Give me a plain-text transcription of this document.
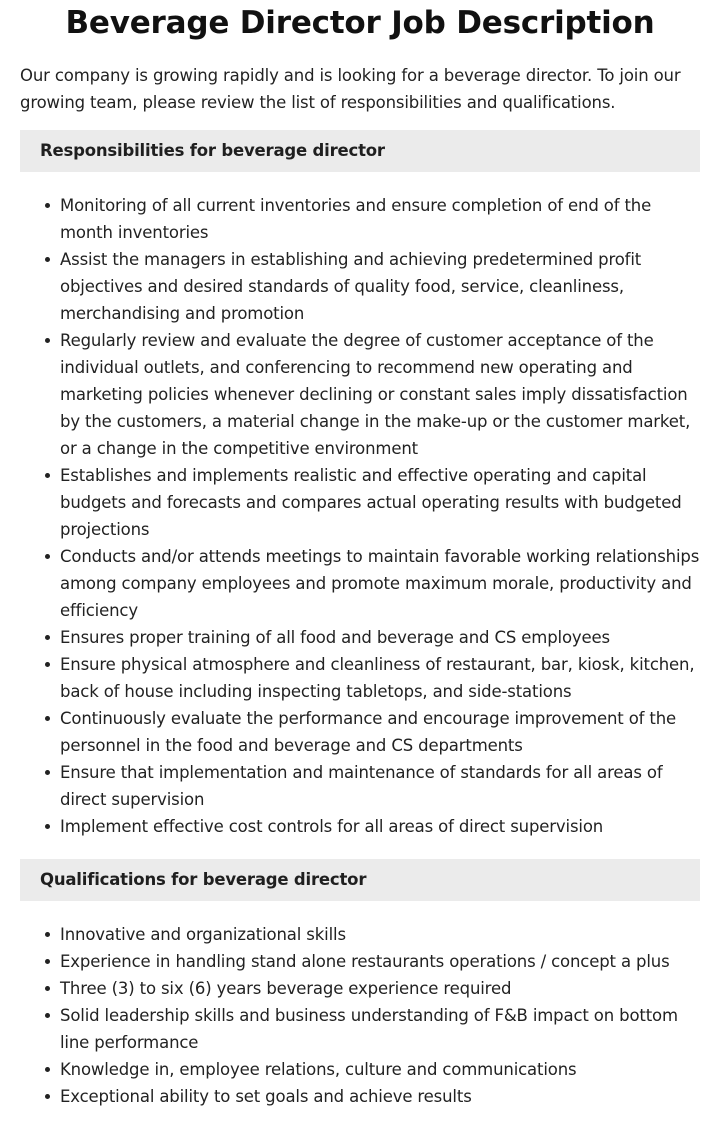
Beverage Director Job Description

Our company is growing rapidly and is looking for a beverage director. To join our growing team, please review the list of responsibilities and qualifications.

Responsibilities for beverage director
Monitoring of all current inventories and ensure completion of end of the month inventories
Assist the managers in establishing and achieving predetermined profit objectives and desired standards of quality food, service, cleanliness, merchandising and promotion
Regularly review and evaluate the degree of customer acceptance of the individual outlets, and conferencing to recommend new operating and marketing policies whenever declining or constant sales imply dissatisfaction by the customers, a material change in the make-up or the customer market, or a change in the competitive environment
Establishes and implements realistic and effective operating and capital budgets and forecasts and compares actual operating results with budgeted projections
Conducts and/or attends meetings to maintain favorable working relationships among company employees and promote maximum morale, productivity and efficiency
Ensures proper training of all food and beverage and CS employees
Ensure physical atmosphere and cleanliness of restaurant, bar, kiosk, kitchen, back of house including inspecting tabletops, and side-stations
Continuously evaluate the performance and encourage improvement of the personnel in the food and beverage and CS departments
Ensure that implementation and maintenance of standards for all areas of direct supervision
Implement effective cost controls for all areas of direct supervision
Qualifications for beverage director
Innovative and organizational skills
Experience in handling stand alone restaurants operations / concept a plus
Three (3) to six (6) years beverage experience required
Solid leadership skills and business understanding of F&B impact on bottom line performance
Knowledge in, employee relations, culture and communications
Exceptional ability to set goals and achieve results
